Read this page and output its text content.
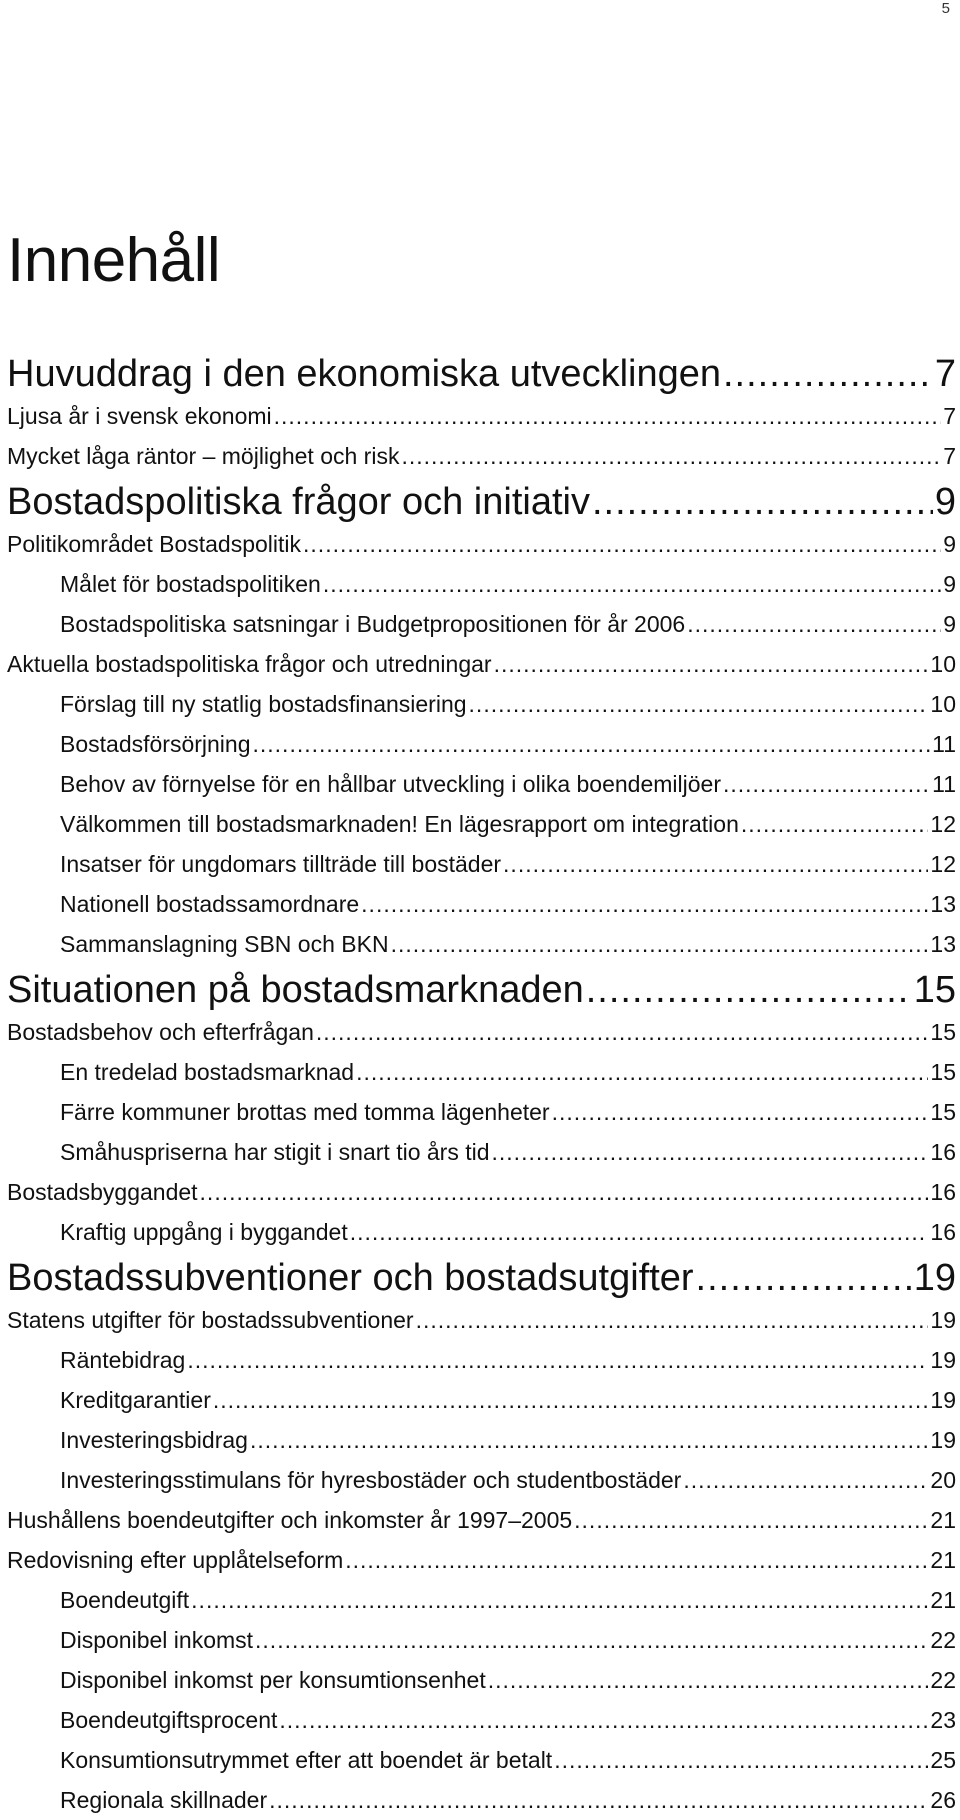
5
Innehåll
Huvuddrag i den ekonomiska utvecklingen .....	7
Ljusa år i svensk ekonomi .....	7
Mycket låga räntor – möjlighet och risk .....	7
Bostadspolitiska frågor och initiativ .....	9
Politikområdet Bostadspolitik .....	9
Målet för bostadspolitiken .....	9
Bostadspolitiska satsningar i Budgetpropositionen för år 2006 .....	9
Aktuella bostadspolitiska frågor och utredningar .....	10
Förslag till ny statlig bostadsfinansiering .....	10
Bostadsförsörjning .....	11
Behov av förnyelse för en hållbar utveckling i olika boendemiljöer .....	11
Välkommen till bostadsmarknaden! En lägesrapport om integration .....	12
Insatser för ungdomars tillträde till bostäder .....	12
Nationell bostadssamordnare .....	13
Sammanslagning SBN och BKN .....	13
Situationen på bostadsmarknaden .....	15
Bostadsbehov och efterfrågan .....	15
En tredelad bostadsmarknad .....	15
Färre kommuner brottas med tomma lägenheter .....	15
Småhuspriserna har stigit i snart tio års tid .....	16
Bostadsbyggandet .....	16
Kraftig uppgång i byggandet .....	16
Bostadssubventioner och bostadsutgifter .....	19
Statens utgifter för bostadssubventioner .....	19
Räntebidrag .....	19
Kreditgarantier .....	19
Investeringsbidrag .....	19
Investeringsstimulans för hyresbostäder och studentbostäder .....	20
Hushållens boendeutgifter och inkomster år 1997–2005 .....	21
Redovisning efter upplåtelseform .....	21
Boendeutgift .....	21
Disponibel inkomst .....	22
Disponibel inkomst per konsumtionsenhet .....	22
Boendeutgiftsprocent .....	23
Konsumtionsutrymmet efter att boendet är betalt .....	25
Regionala skillnader .....	26
